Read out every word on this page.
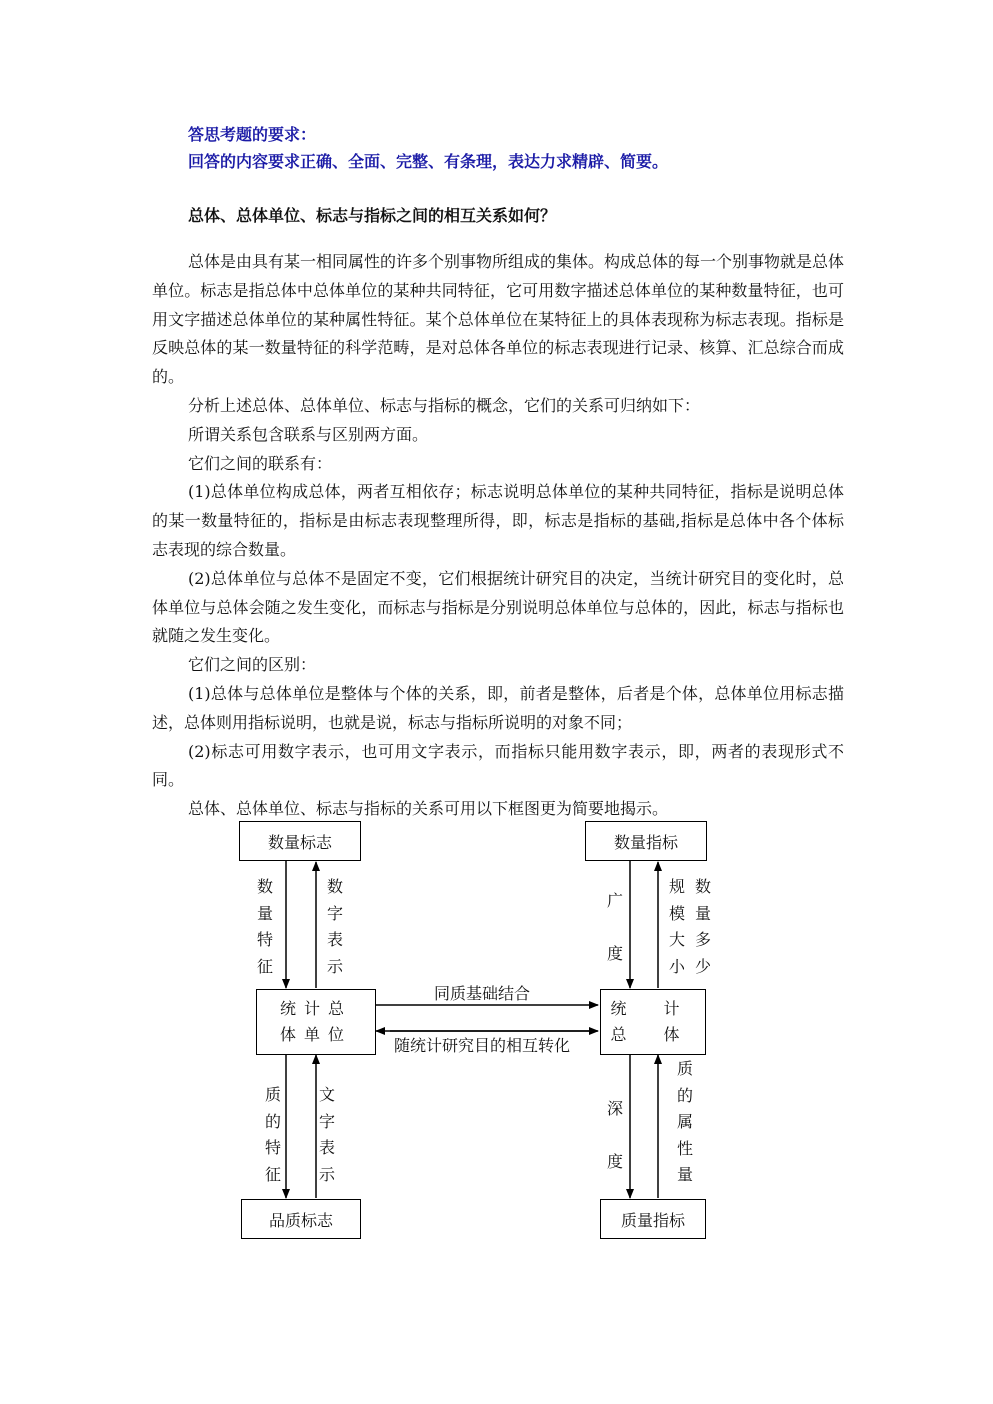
答思考题的要求：
回答的内容要求正确、全面、完整、有条理，表达力求精辟、简要。
总体、总体单位、标志与指标之间的相互关系如何？

总体是由具有某一相同属性的许多个别事物所组成的集体。构成总体的每一个别事物就是总体单位。标志是指总体中总体单位的某种共同特征，它可用数字描述总体单位的某种数量特征，也可用文字描述总体单位的某种属性特征。某个总体单位在某特征上的具体表现称为标志表现。指标是反映总体的某一数量特征的科学范畴，是对总体各单位的标志表现进行记录、核算、汇总综合而成的。

分析上述总体、总体单位、标志与指标的概念，它们的关系可归纳如下：

所谓关系包含联系与区别两方面。

它们之间的联系有：

(1)总体单位构成总体，两者互相依存；标志说明总体单位的某种共同特征，指标是说明总体的某一数量特征的，指标是由标志表现整理所得，即，标志是指标的基础,指标是总体中各个体标志表现的综合数量。

(2)总体单位与总体不是固定不变，它们根据统计研究目的决定，当统计研究目的变化时，总体单位与总体会随之发生变化，而标志与指标是分别说明总体单位与总体的，因此，标志与指标也就随之发生变化。

它们之间的区别：

(1)总体与总体单位是整体与个体的关系，即，前者是整体，后者是个体，总体单位用标志描述，总体则用指标说明，也就是说，标志与指标所说明的对象不同；

(2)标志可用数字表示，也可用文字表示，而指标只能用数字表示，即，两者的表现形式不同。

总体、总体单位、标志与指标的关系可用以下框图更为简要地揭示。

数量标志	数量指标
统计总
体单位
统 计
总 体
品质标志	质量指标
数量特征
数字表示
广度
规模大小
数量多少
质的特征
文字表示
深度
质的属性量
同质基础结合
随统计研究目的相互转化
